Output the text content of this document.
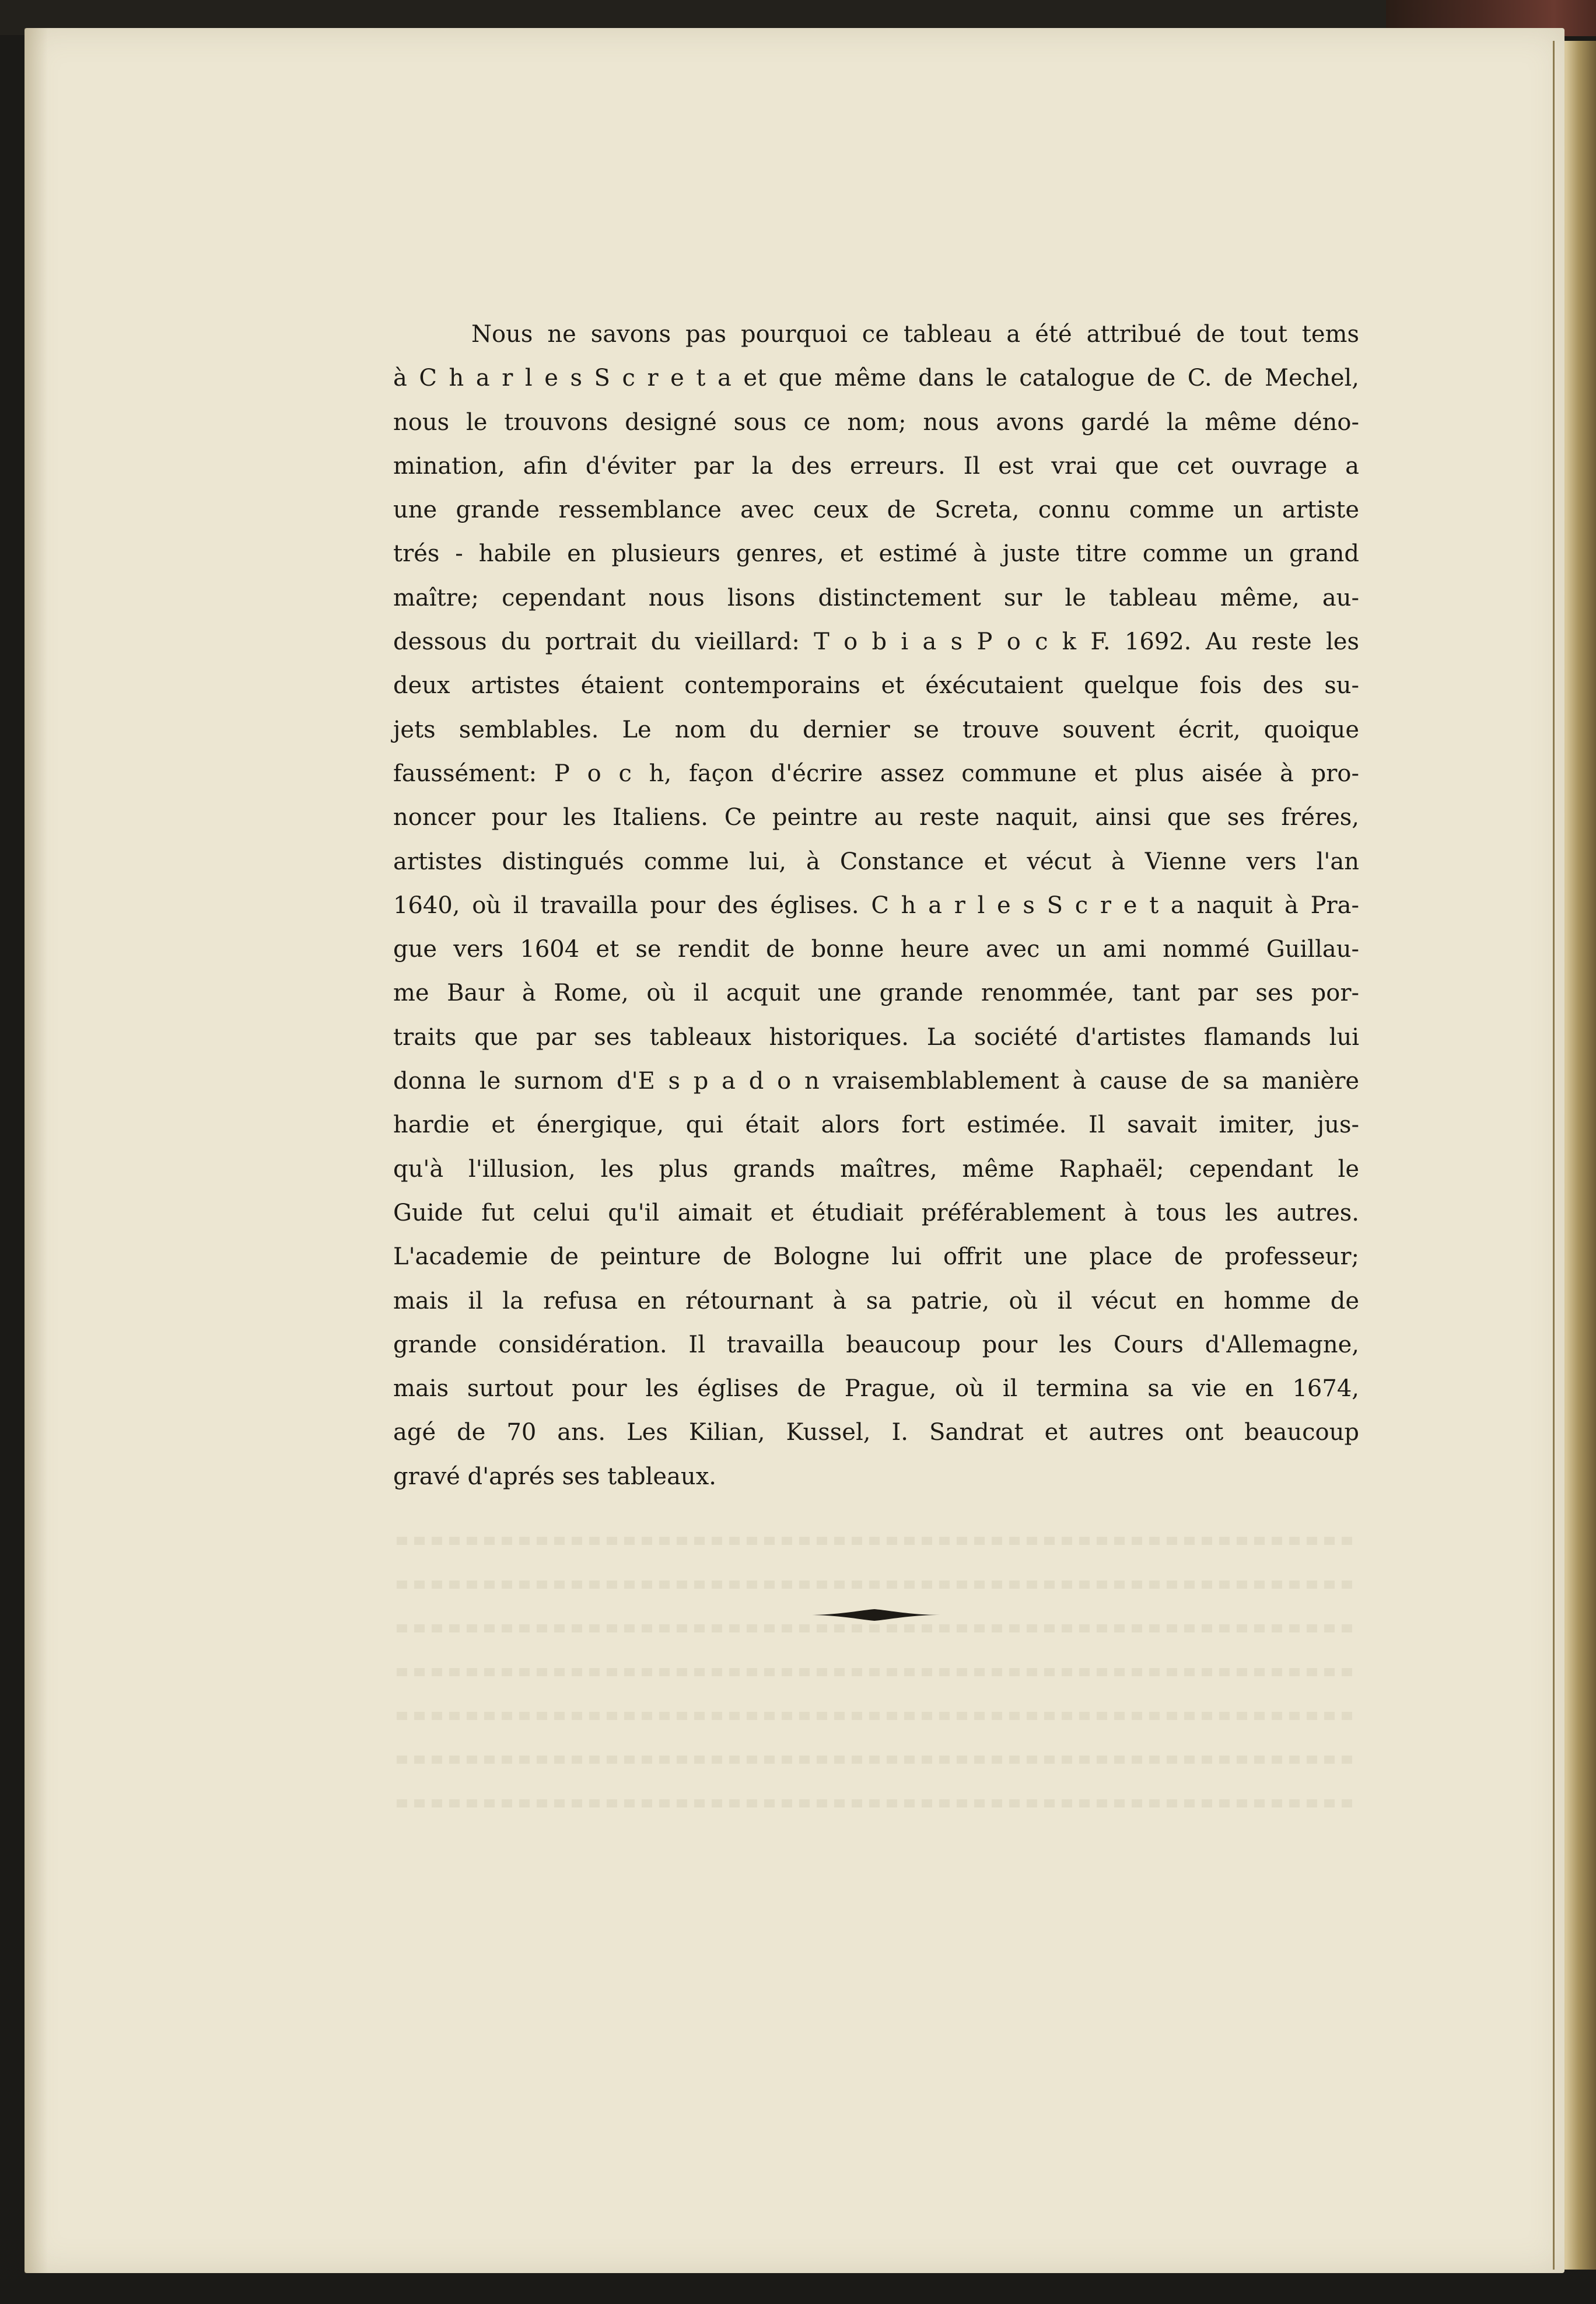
Nous ne savons pas pourquoi ce tableau a été attribué de tout tems
à C h a r l e s S c r e t a et que même dans le catalogue de C. de Mechel,
nous le trouvons designé sous ce nom; nous avons gardé la même déno-
mination, afin d'éviter par la des erreurs. Il est vrai que cet ouvrage a
une grande ressemblance avec ceux de Screta, connu comme un artiste
trés - habile en plusieurs genres, et estimé à juste titre comme un grand
maître; cependant nous lisons distinctement sur le tableau même, au-
dessous du portrait du vieillard: T o b i a s P o c k F. 1692. Au reste les
deux artistes étaient contemporains et éxécutaient quelque fois des su-
jets semblables. Le nom du dernier se trouve souvent écrit, quoique
faussément: P o c h, façon d'écrire assez commune et plus aisée à pro-
noncer pour les Italiens. Ce peintre au reste naquit, ainsi que ses fréres,
artistes distingués comme lui, à Constance et vécut à Vienne vers l'an
1640, où il travailla pour des églises. C h a r l e s S c r e t a naquit à Pra-
gue vers 1604 et se rendit de bonne heure avec un ami nommé Guillau-
me Baur à Rome, où il acquit une grande renommée, tant par ses por-
traits que par ses tableaux historiques. La société d'artistes flamands lui
donna le surnom d'E s p a d o n vraisemblablement à cause de sa manière
hardie et énergique, qui était alors fort estimée. Il savait imiter, jus-
qu'à l'illusion, les plus grands maîtres, même Raphaël; cependant le
Guide fut celui qu'il aimait et étudiait préférablement à tous les autres.
L'academie de peinture de Bologne lui offrit une place de professeur;
mais il la refusa en rétournant à sa patrie, où il vécut en homme de
grande considération. Il travailla beaucoup pour les Cours d'Allemagne,
mais surtout pour les églises de Prague, où il termina sa vie en 1674,
agé de 70 ans. Les Kilian, Kussel, I. Sandrat et autres ont beaucoup
gravé d'aprés ses tableaux.
